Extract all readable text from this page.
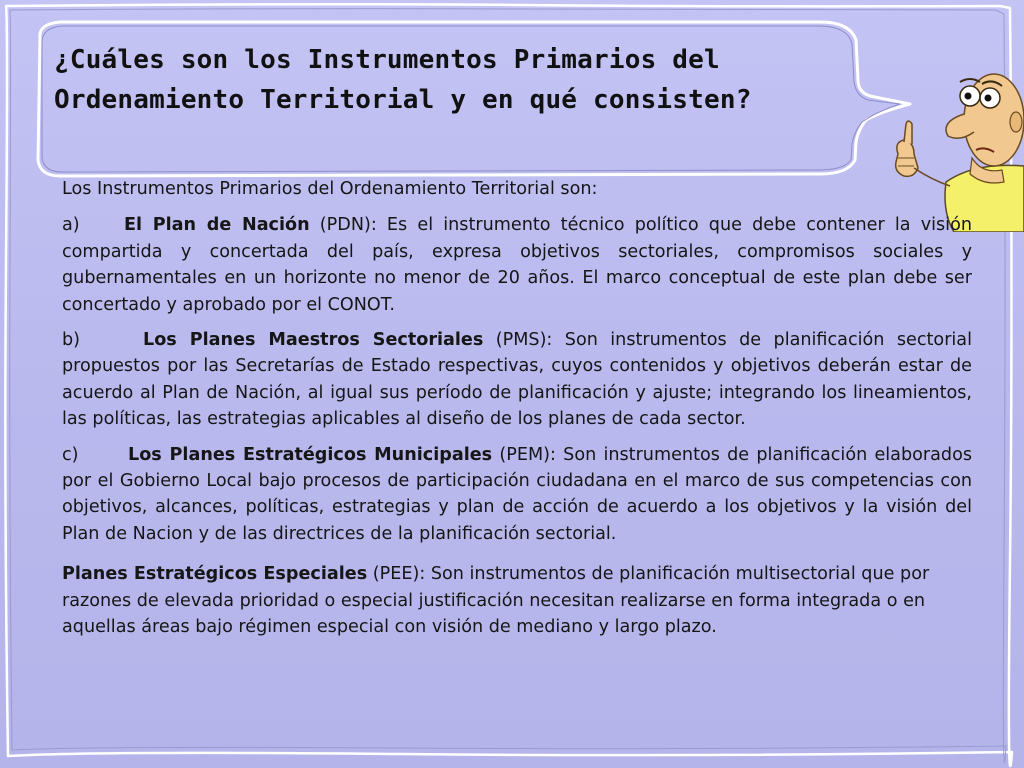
¿Cuáles son los Instrumentos Primarios del
Ordenamiento Territorial y en qué consisten?

Los Instrumentos Primarios del Ordenamiento Territorial son:

a)	El Plan de Nación (PDN): Es el instrumento técnico político que debe contener la visión compartida y concertada del país, expresa objetivos sectoriales, compromisos sociales y gubernamentales en un horizonte no menor de 20 años. El marco conceptual de este plan debe ser concertado y aprobado por el CONOT.

b)	Los Planes Maestros Sectoriales (PMS): Son instrumentos de planificación sectorial propuestos por las Secretarías de Estado respectivas, cuyos contenidos y objetivos deberán estar de acuerdo al Plan de Nación, al igual sus período de planificación y ajuste; integrando los lineamientos, las políticas, las estrategias aplicables al diseño de los planes de cada sector.

c)	Los Planes Estratégicos Municipales (PEM): Son instrumentos de planificación elaborados por el Gobierno Local bajo procesos de participación ciudadana en el marco de sus competencias con objetivos, alcances, políticas, estrategias y plan de acción de acuerdo a los objetivos y la visión del Plan de Nacion y de las directrices de la planificación sectorial.

Planes Estratégicos Especiales (PEE): Son instrumentos de planificación multisectorial que por razones de elevada prioridad o especial justificación necesitan realizarse en forma integrada o en aquellas áreas bajo régimen especial con visión de mediano y largo plazo.
